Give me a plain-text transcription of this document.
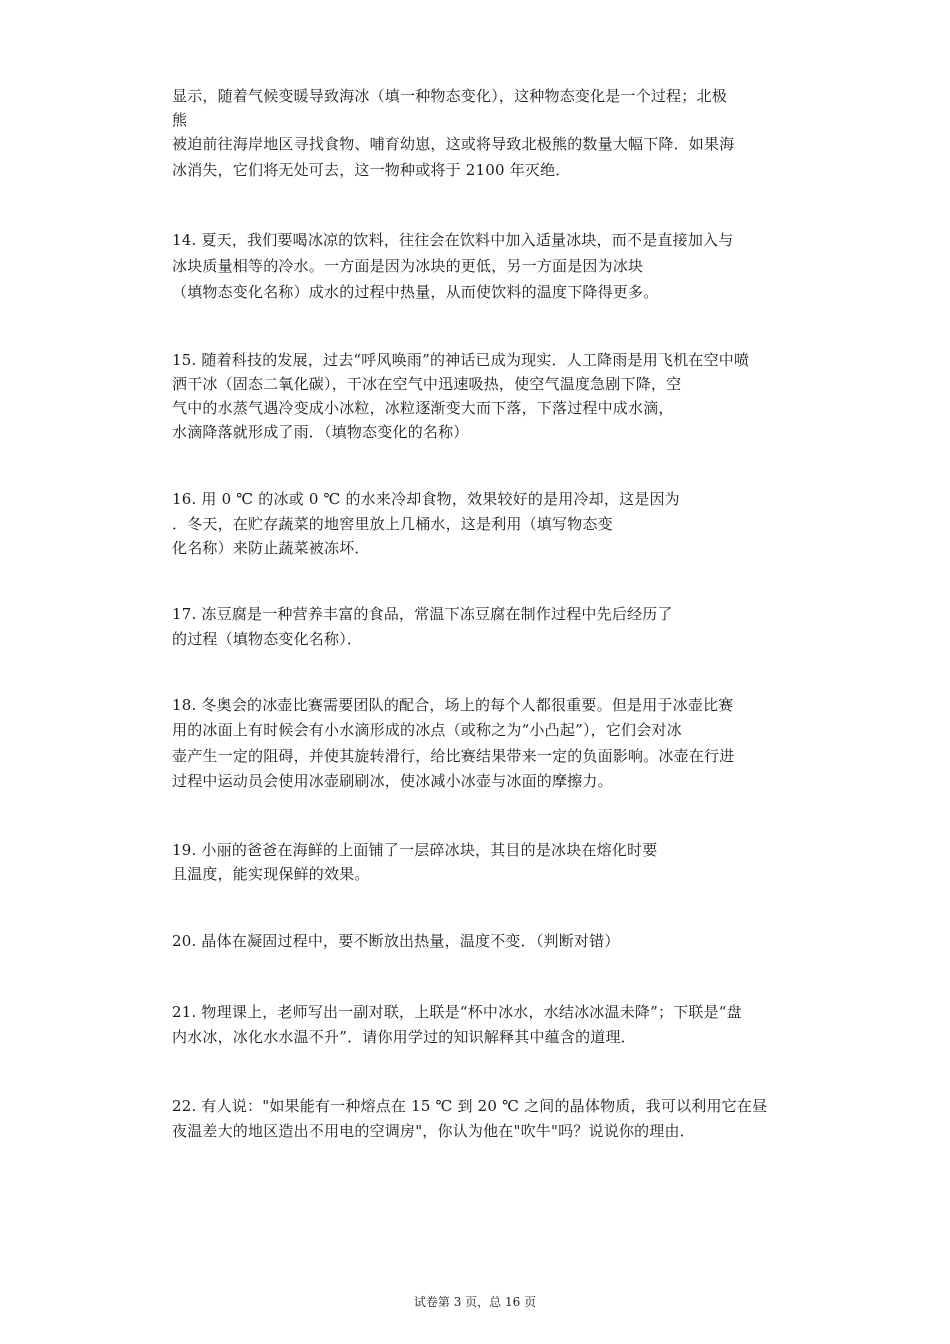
显示，随着气候变暖导致海冰（填一种物态变化），这种物态变化是一个过程；北极
熊
被迫前往海岸地区寻找食物、哺育幼崽，这或将导致北极熊的数量大幅下降．如果海
冰消失，它们将无处可去，这一物种或将于 2100 年灭绝．
14. 夏天，我们要喝冰凉的饮料，往往会在饮料中加入适量冰块，而不是直接加入与
冰块质量相等的冷水。一方面是因为冰块的更低，另一方面是因为冰块
（填物态变化名称）成水的过程中热量，从而使饮料的温度下降得更多。
15. 随着科技的发展，过去“呼风唤雨”的神话已成为现实．人工降雨是用飞机在空中喷
洒干冰（固态二氧化碳），干冰在空气中迅速吸热，使空气温度急剧下降，空
气中的水蒸气遇冷变成小冰粒，冰粒逐渐变大而下落，下落过程中成水滴，
水滴降落就形成了雨．（填物态变化的名称）
16. 用 0 ℃ 的冰或 0 ℃ 的水来冷却食物，效果较好的是用冷却，这是因为
．冬天，在贮存蔬菜的地窖里放上几桶水，这是利用（填写物态变
化名称）来防止蔬菜被冻坏．
17. 冻豆腐是一种营养丰富的食品，常温下冻豆腐在制作过程中先后经历了
的过程（填物态变化名称）．
18. 冬奥会的冰壶比赛需要团队的配合，场上的每个人都很重要。但是用于冰壶比赛
用的冰面上有时候会有小水滴形成的冰点（或称之为“小凸起”），它们会对冰
壶产生一定的阻碍，并使其旋转滑行，给比赛结果带来一定的负面影响。冰壶在行进
过程中运动员会使用冰壶刷刷冰，使冰减小冰壶与冰面的摩擦力。
19. 小丽的爸爸在海鲜的上面铺了一层碎冰块，其目的是冰块在熔化时要
且温度，能实现保鲜的效果。
20. 晶体在凝固过程中，要不断放出热量，温度不变．（判断对错）
21. 物理课上，老师写出一副对联，上联是“杯中冰水，水结冰冰温未降”；下联是“盘
内水冰，冰化水水温不升”．请你用学过的知识解释其中蕴含的道理．
22. 有人说："如果能有一种熔点在 15 ℃ 到 20 ℃ 之间的晶体物质，我可以利用它在昼
夜温差大的地区造出不用电的空调房"，你认为他在"吹牛"吗？说说你的理由．
试卷第 3 页，总 16 页
